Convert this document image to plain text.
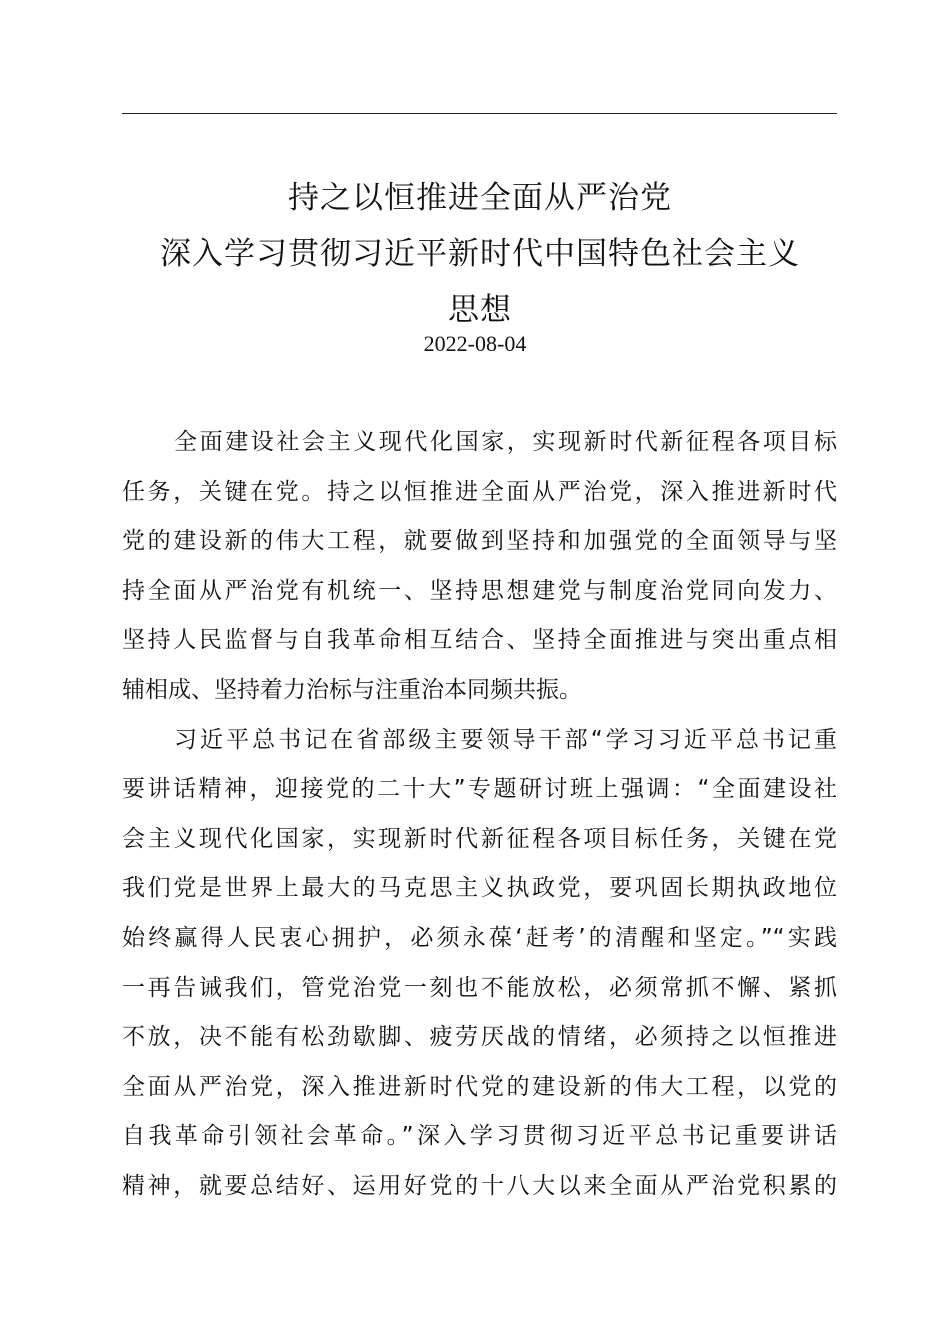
持之以恒推进全面从严治党
深入学习贯彻习近平新时代中国特色社会主义
思想
2022-08-04
全面建设社会主义现代化国家，实现新时代新征程各项目标
任务，关键在党。持之以恒推进全面从严治党，深入推进新时代
党的建设新的伟大工程，就要做到坚持和加强党的全面领导与坚
持全面从严治党有机统一、坚持思想建党与制度治党同向发力、
坚持人民监督与自我革命相互结合、坚持全面推进与突出重点相
辅相成、坚持着力治标与注重治本同频共振。
习近平总书记在省部级主要领导干部“学习习近平总书记重
要讲话精神，迎接党的二十大”专题研讨班上强调：“全面建设社
会主义现代化国家，实现新时代新征程各项目标任务，关键在党
我们党是世界上最大的马克思主义执政党，要巩固长期执政地位
始终赢得人民衷心拥护，必须永葆‘赶考’的清醒和坚定。”“实践
一再告诫我们，管党治党一刻也不能放松，必须常抓不懈、紧抓
不放，决不能有松劲歇脚、疲劳厌战的情绪，必须持之以恒推进
全面从严治党，深入推进新时代党的建设新的伟大工程，以党的
自我革命引领社会革命。”深入学习贯彻习近平总书记重要讲话
精神，就要总结好、运用好党的十八大以来全面从严治党积累的
